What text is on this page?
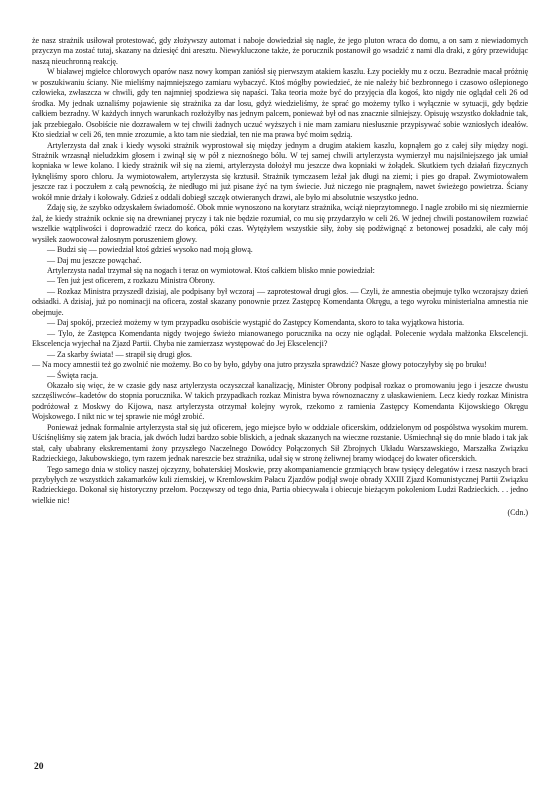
że nasz strażnik usiłował protestować, gdy złożywszy automat i naboje dowiedział się nagle, że jego pluton wraca do domu, a on sam z niewiadomych przyczyn ma zostać tutaj, skazany na dziesięć dni aresztu. Niewykluczone także, że porucznik postanowił go wsadzić z nami dla draki, z góry przewidując naszą nieuchronną reakcję.

W białawej mgiełce chlorowych oparów nasz nowy kompan zaniósł się pierwszym atakiem kaszlu. Łzy pociekły mu z oczu. Bezradnie macał próżnię w poszukiwaniu ściany. Nie mieliśmy najmniejszego zamiaru wybaczyć. Ktoś mógłby powiedzieć, że nie należy bić bezbronnego i czasowo oślepionego człowieka, zwłaszcza w chwili, gdy ten najmniej spodziewa się napaści. Taka teoria może być do przyjęcia dla kogoś, kto nigdy nie oglądał celi 26 od środka. My jednak uznaliśmy pojawienie się strażnika za dar losu, gdyż wiedzieliśmy, że sprać go możemy tylko i wyłącznie w sytuacji, gdy będzie całkiem bezradny. W każdych innych warunkach rozłożyłby nas jednym palcem, ponieważ był od nas znacznie silniejszy. Opisuję wszystko dokładnie tak, jak przebiegało. Osobiście nie dozrawałem w tej chwili żadnych uczuć wyższych i nie mam zamiaru niesłusznie przypisywać sobie wzniosłych ideałów. Kto siedział w celi 26, ten mnie zrozumie, a kto tam nie siedział, ten nie ma prawa być moim sędzią.

Artylerzysta dał znak i kiedy wysoki strażnik wyprostował się między jednym a drugim atakiem kaszlu, kopnąłem go z całej siły między nogi. Strażnik wrzasnął nieludzkim głosem i zwinął się w pół z nieznośnego bólu. W tej samej chwili artylerzysta wymierzył mu najsilniejszego jak umiał kopniaka w lewe kolano. I kiedy strażnik wił się na ziemi, artylerzysta dołożył mu jeszcze dwa kopniaki w żołądek. Skutkiem tych działań fizycznych łyknęliśmy sporo chloru. Ja wymiotowałem, artylerzysta się krztusił. Strażnik tymczasem leżał jak długi na ziemi; i pies go drapał. Zwymiotowałem jeszcze raz i poczułem z całą pewnością, że niedługo mi już pisane żyć na tym świecie. Już niczego nie pragnąłem, nawet świeżego powietrza. Ściany wokół mnie drżały i kołowały. Gdzieś z oddali dobiegł szczęk otwieranych drzwi, ale było mi absolutnie wszystko jedno.

Zdaję się, że szybko odzyskałem świadomość. Obok mnie wynoszono na korytarz strażnika, wciąż nieprzytomnego. I nagle zrobiło mi się niezmiernie żal, że kiedy strażnik ocknie się na drewnianej pryczy i tak nie będzie rozumiał, co mu się przydarzyło w celi 26. W jednej chwili postanowiłem rozwiać wszelkie wątpliwości i doprowadzić rzecz do końca, póki czas. Wytężyłem wszystkie siły, żoby się podźwignąć z betonowej posadzki, ale cały mój wysiłek zaowocował żałosnym poruszeniem głowy.

— Budzi się — powiedział ktoś gdzieś wysoko nad moją głową.

— Daj mu jeszcze powąchać.

Artylerzysta nadal trzymał się na nogach i teraz on wymiotował. Ktoś całkiem blisko mnie powiedział:

— Ten już jest oficerem, z rozkazu Ministra Obrony.

— Rozkaz Ministra przyszedł dzisiaj, ale podpisany był wczoraj — zaprotestował drugi głos. — Czyli, że amnestia obejmuje tylko wczorajszy dzień odsiadki. A dzisiaj, już po nominacji na oficera, został skazany ponownie przez Zastępcę Komendanta Okręgu, a tego wyroku ministerialna amnestia nie obejmuje.

— Daj spokój, przecież możemy w tym przypadku osobiście wystąpić do Zastępcy Komendanta, skoro to taka wyjątkowa historia.

— Tylo, że Zastępca Komendanta nigdy twojego świeżo mianowanego porucznika na oczy nie oglądał. Polecenie wydała małżonka Ekscelencji. Ekscelencja wyjechał na Zjazd Partii. Chyba nie zamierzasz występować do Jej Ekscelencji?

— Za skarby świata! — strapił się drugi głos.

— Na mocy amnestii też go zwolnić nie możemy. Bo co by było, gdyby ona jutro przyszła sprawdzić? Nasze głowy potoczyłyby się po bruku!

— Święta racja.

Okazało się więc, że w czasie gdy nasz artylerzysta oczyszczał kanalizację, Minister Obrony podpisał rozkaz o promowaniu jego i jeszcze dwustu szczęśliwców–kadetów do stopnia porucznika. W takich przypadkach rozkaz Ministra bywa równoznaczny z ułaskawieniem. Lecz kiedy rozkaz Ministra podróżował z Moskwy do Kijowa, nasz artylerzysta otrzymał kolejny wyrok, rzekomo z ramienia Zastępcy Komendanta Kijowskiego Okręgu Wojskowego. I nikt nic w tej sprawie nie mógł zrobić.

Ponieważ jednak formalnie artylerzysta stał się już oficerem, jego miejsce było w oddziale oficerskim, oddzielonym od pospólstwa wysokim murem. Uściśnęliśmy się zatem jak bracia, jak dwóch ludzi bardzo sobie bliskich, a jednak skazanych na wieczne rozstanie. Uśmiechnął się do mnie blado i tak jak stał, cały ubabrany ekskrementami żony przyszłego Naczelnego Dowódcy Połączonych Sił Zbrojnych Układu Warszawskiego, Marszałka Związku Radzieckiego, Jakubowskiego, tym razem jednak nareszcie bez strażnika, udał się w stronę żeliwnej bramy wiodącej do kwater oficerskich.

Tego samego dnia w stolicy naszej ojczyzny, bohaterskiej Moskwie, przy akompaniamencie grzmiących braw tysięcy delegatów i rzesz naszych braci przybyłych ze wszystkich zakamarków kuli ziemskiej, w Kremlowskim Pałacu Zjazdów podjął swoje obrady XXIII Zjazd Komunistycznej Partii Związku Radzieckiego. Dokonał się historyczny przełom. Poczęwszy od tego dnia, Partia obiecywała i obiecuje bieżącym pokoleniom Ludzi Radzieckich. . . jedno wielkie nic!

(Cdn.)

20
